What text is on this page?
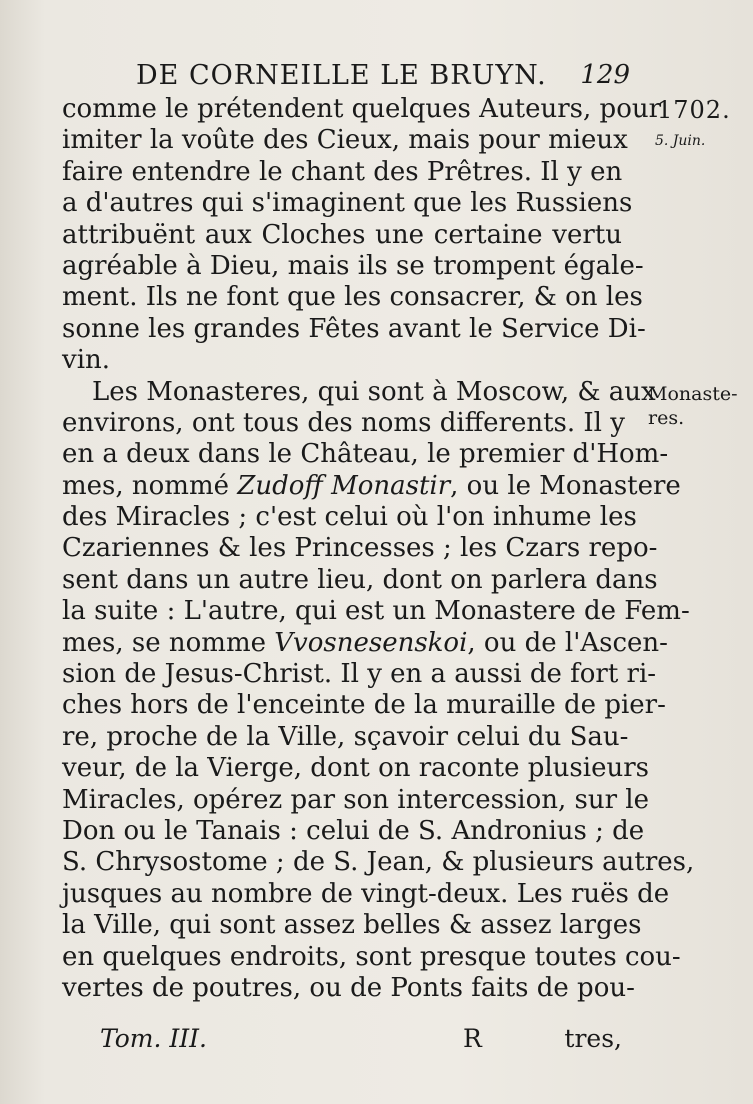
DE CORNEILLE LE BRUYN. 129
1702.
5. Juin.
Monaste-
res.
comme le prétendent quelques Auteurs, pour
imiter la voûte des Cieux, mais pour mieux
faire entendre le chant des Prêtres. Il y en
a d'autres qui s'imaginent que les Russiens
attribuënt aux Cloches une certaine vertu
agréable à Dieu, mais ils se trompent égale-
ment. Ils ne font que les consacrer, & on les
sonne les grandes Fêtes avant le Service Di-
vin.
Les Monasteres, qui sont à Moscow, & aux
environs, ont tous des noms differents. Il y
en a deux dans le Château, le premier d'Hom-
mes, nommé Zudoff Monastir, ou le Monastere
des Miracles ; c'est celui où l'on inhume les
Czariennes & les Princesses ; les Czars repo-
sent dans un autre lieu, dont on parlera dans
la suite : L'autre, qui est un Monastere de Fem-
mes, se nomme Vvosnesenskoi, ou de l'Ascen-
sion de Jesus-Christ. Il y en a aussi de fort ri-
ches hors de l'enceinte de la muraille de pier-
re, proche de la Ville, sçavoir celui du Sau-
veur, de la Vierge, dont on raconte plusieurs
Miracles, opérez par son intercession, sur le
Don ou le Tanais : celui de S. Andronius ; de
S. Chrysostome ; de S. Jean, & plusieurs autres,
jusques au nombre de vingt-deux. Les ruës de
la Ville, qui sont assez belles & assez larges
en quelques endroits, sont presque toutes cou-
vertes de poutres, ou de Ponts faits de pou-
Tom. III.	R	tres,
